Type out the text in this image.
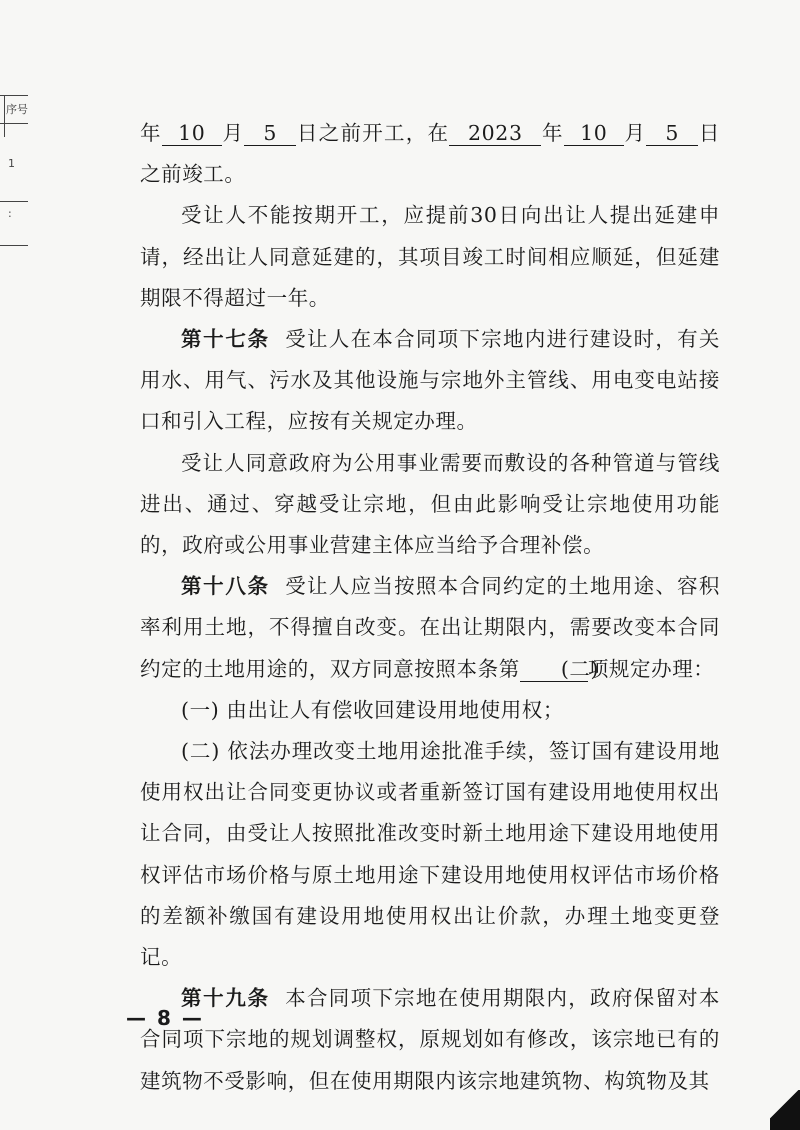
序号
1
:

年 10 月 5 日之前开工，在 2023 年 10 月 5 日之前竣工。

受让人不能按期开工，应提前30日向出让人提出延建申请，经出让人同意延建的，其项目竣工时间相应顺延，但延建期限不得超过一年。

第十七条 受让人在本合同项下宗地内进行建设时，有关用水、用气、污水及其他设施与宗地外主管线、用电变电站接口和引入工程，应按有关规定办理。

受让人同意政府为公用事业需要而敷设的各种管道与管线进出、通过、穿越受让宗地，但由此影响受让宗地使用功能的，政府或公用事业营建主体应当给予合理补偿。

第十八条 受让人应当按照本合同约定的土地用途、容积率利用土地，不得擅自改变。在出让期限内，需要改变本合同约定的土地用途的，双方同意按照本条第 (二)项规定办理：

(一) 由出让人有偿收回建设用地使用权；

(二) 依法办理改变土地用途批准手续，签订国有建设用地使用权出让合同变更协议或者重新签订国有建设用地使用权出让合同，由受让人按照批准改变时新土地用途下建设用地使用权评估市场价格与原土地用途下建设用地使用权评估市场价格的差额补缴国有建设用地使用权出让价款，办理土地变更登记。

第十九条 本合同项下宗地在使用期限内，政府保留对本合同项下宗地的规划调整权，原规划如有修改，该宗地已有的建筑物不受影响，但在使用期限内该宗地建筑物、构筑物及其

— 8 —
